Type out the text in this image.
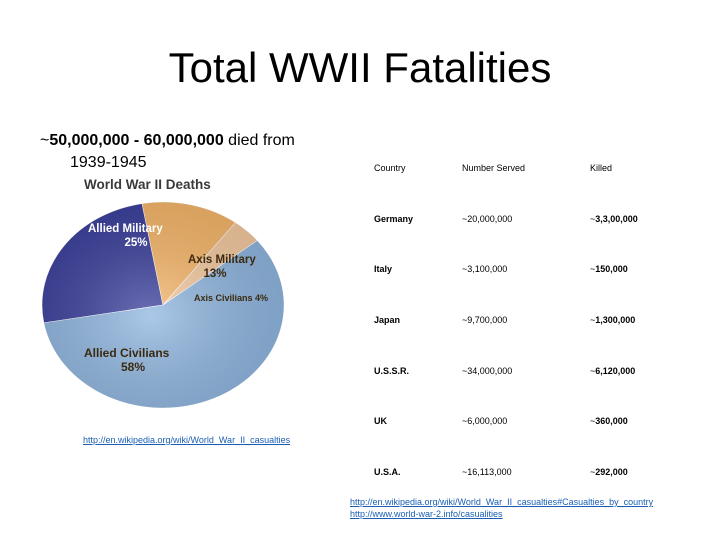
Total WWII Fatalities
~50,000,000 - 60,000,000 died from
1939-1945
World War II Deaths
Allied Military
25%
Axis Military
13%
Axis Civilians 4%
Allied Civilians
58%
http://en.wikipedia.org/wiki/World_War_II_casualties
Country	Number Served	Killed
Germany	~20,000,000	~3,3,00,000
Italy	~3,100,000	~150,000
Japan	~9,700,000	~1,300,000
U.S.S.R.	~34,000,000	~6,120,000
UK	~6,000,000	~360,000
U.S.A.	~16,113,000	~292,000
http://en.wikipedia.org/wiki/World_War_II_casualties#Casualties_by_country
http://www.world-war-2.info/casualities
